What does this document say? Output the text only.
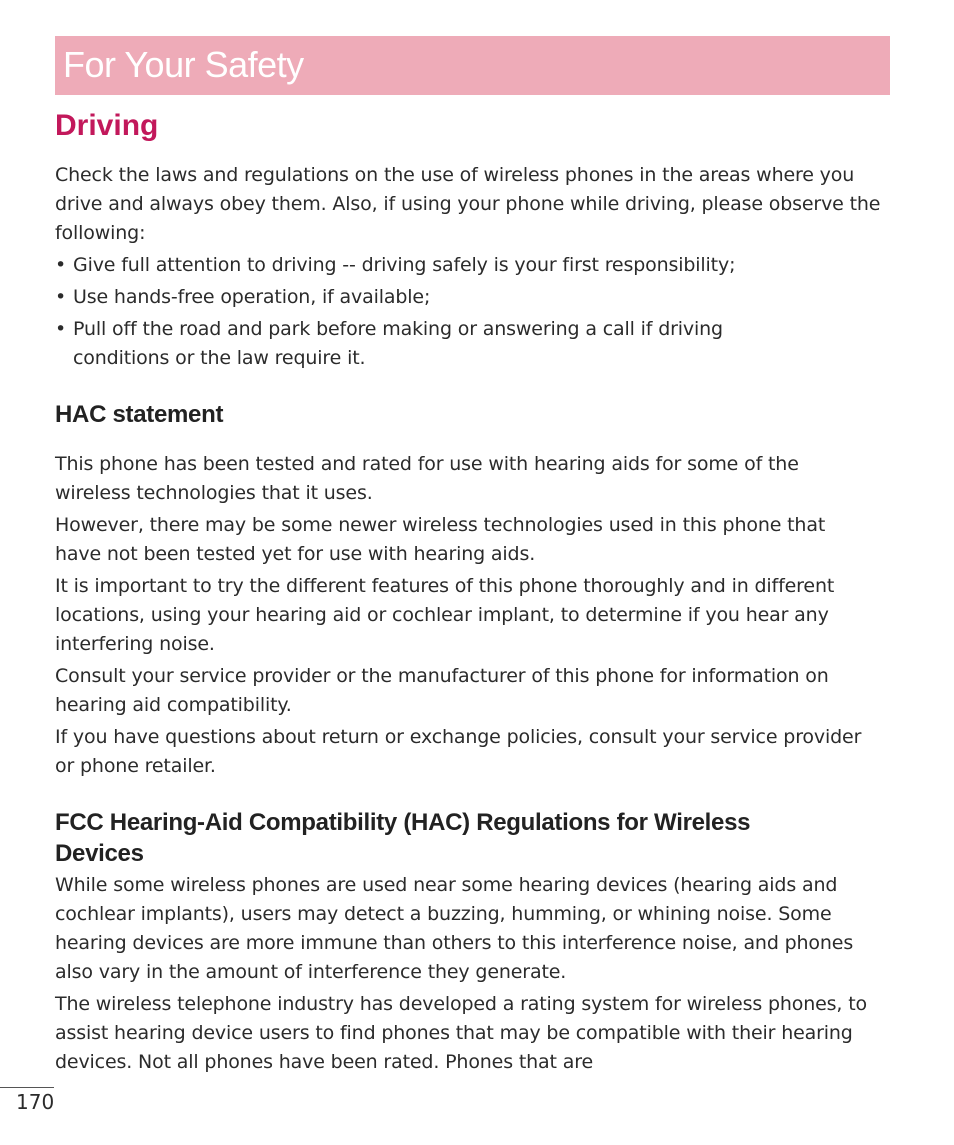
For Your Safety
Driving

Check the laws and regulations on the use of wireless phones in the areas where you drive and always obey them. Also, if using your phone while driving, please observe the following:

• Give full attention to driving -- driving safely is your first responsibility;
• Use hands-free operation, if available;
• Pull off the road and park before making or answering a call if driving conditions or the law require it.
HAC statement

This phone has been tested and rated for use with hearing aids for some of the wireless technologies that it uses.

However, there may be some newer wireless technologies used in this phone that have not been tested yet for use with hearing aids.

It is important to try the different features of this phone thoroughly and in different locations, using your hearing aid or cochlear implant, to determine if you hear any interfering noise.

Consult your service provider or the manufacturer of this phone for information on hearing aid compatibility.

If you have questions about return or exchange policies, consult your service provider or phone retailer.

FCC Hearing-Aid Compatibility (HAC) Regulations for Wireless Devices

While some wireless phones are used near some hearing devices (hearing aids and cochlear implants), users may detect a buzzing, humming, or whining noise. Some hearing devices are more immune than others to this interference noise, and phones also vary in the amount of interference they generate.

The wireless telephone industry has developed a rating system for wireless phones, to assist hearing device users to find phones that may be compatible with their hearing devices. Not all phones have been rated. Phones that are

170
